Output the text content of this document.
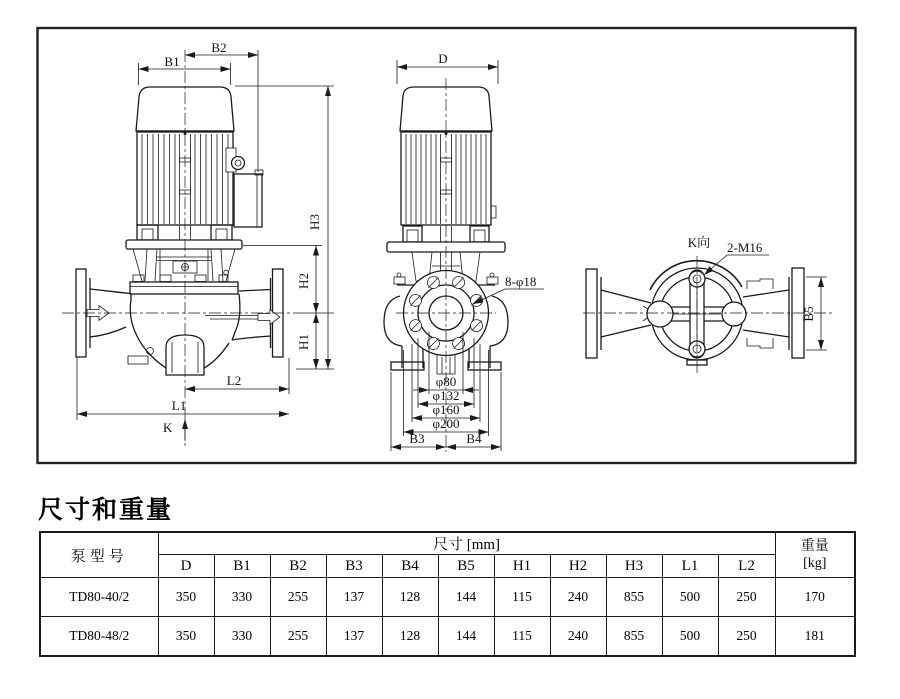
B1
B2
H3
H2
H1
L2
L1
K
8-φ18
φ80
φ132
φ160
φ200
B3	B4
D
K向 2-M16
B5
尺寸和重量
泵型号	尺寸 [mm]											重量
[kg]

	D	B1	B2	B3	B4	B5	H1	H2	H3	L1	L2	
TD80-40/2	350	330	255	137	128	144	115	240	855	500	250	170
TD80-48/2	350	330	255	137	128	144	115	240	855	500	250	181
